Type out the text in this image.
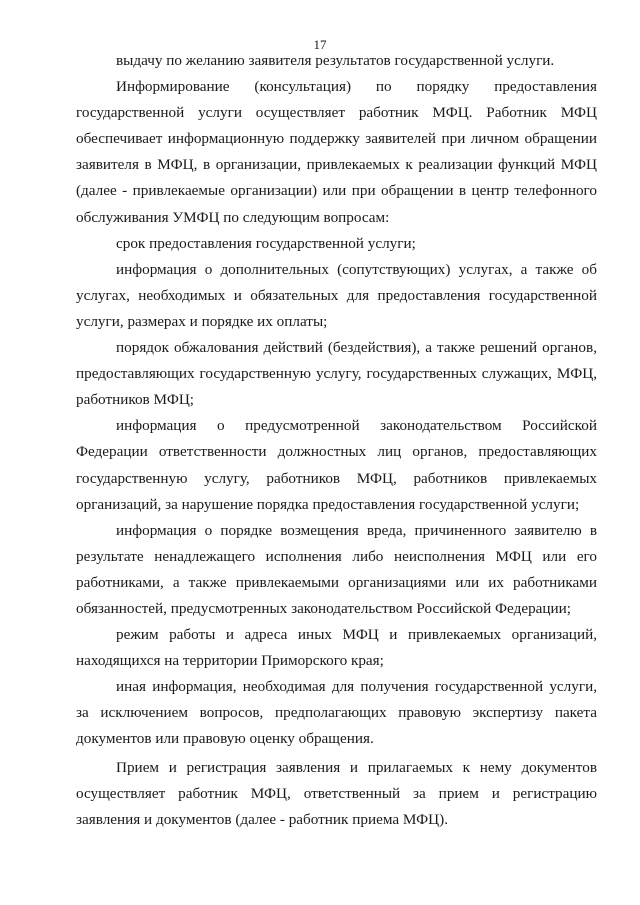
17

выдачу по желанию заявителя результатов государственной услуги.

Информирование (консультация) по порядку предоставления государственной услуги осуществляет работник МФЦ. Работник МФЦ обеспечивает информационную поддержку заявителей при личном обращении заявителя в МФЦ, в организации, привлекаемых к реализации функций МФЦ (далее - привлекаемые организации) или при обращении в центр телефонного обслуживания УМФЦ по следующим вопросам:

срок предоставления государственной услуги;

информация о дополнительных (сопутствующих) услугах, а также об услугах, необходимых и обязательных для предоставления государственной услуги, размерах и порядке их оплаты;

порядок обжалования действий (бездействия), а также решений органов, предоставляющих государственную услугу, государственных служащих, МФЦ, работников МФЦ;

информация о предусмотренной законодательством Российской Федерации ответственности должностных лиц органов, предоставляющих государственную услугу, работников МФЦ, работников привлекаемых организаций, за нарушение порядка предоставления государственной услуги;

информация о порядке возмещения вреда, причиненного заявителю в результате ненадлежащего исполнения либо неисполнения МФЦ или его работниками, а также привлекаемыми организациями или их работниками обязанностей, предусмотренных законодательством Российской Федерации;

режим работы и адреса иных МФЦ и привлекаемых организаций, находящихся на территории Приморского края;

иная информация, необходимая для получения государственной услуги, за исключением вопросов, предполагающих правовую экспертизу пакета документов или правовую оценку обращения.

Прием и регистрация заявления и прилагаемых к нему документов осуществляет работник МФЦ, ответственный за прием и регистрацию заявления и документов (далее - работник приема МФЦ).
